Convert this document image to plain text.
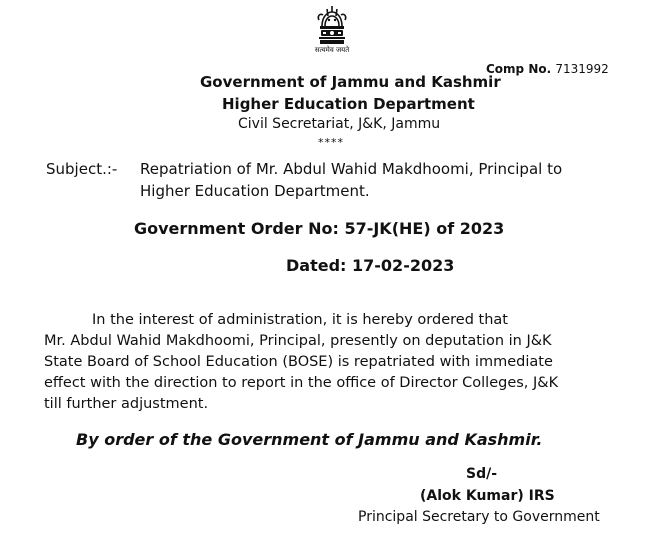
सत्यमेव जयते
Comp No. 7131992
Government of Jammu and Kashmir
Higher Education Department
Civil Secretariat, J&K, Jammu
****
Subject.:- Repatriation of Mr. Abdul Wahid Makdhoomi, Principal to
Higher Education Department.
Government Order No: 57-JK(HE) of 2023
Dated: 17-02-2023
In the interest of administration, it is hereby ordered that
Mr. Abdul Wahid Makdhoomi, Principal, presently on deputation in J&K
State Board of School Education (BOSE) is repatriated with immediate
effect with the direction to report in the office of Director Colleges, J&K
till further adjustment.
By order of the Government of Jammu and Kashmir.
Sd/-
(Alok Kumar) IRS
Principal Secretary to Government
